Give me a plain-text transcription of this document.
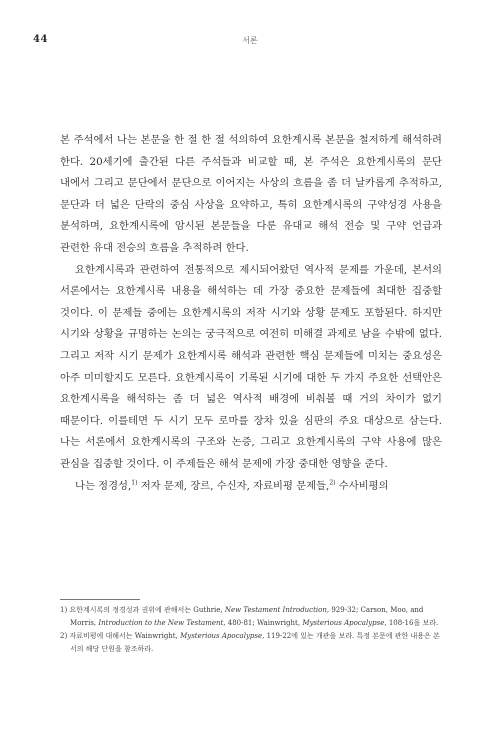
44	서론

본 주석에서 나는 본문을 한 절 한 절 석의하여 요한계시록 본문을 철저하게 해석하려 한다. 20세기에 출간된 다른 주석들과 비교할 때, 본 주석은 요한계시록의 문단 내에서 그리고 문단에서 문단으로 이어지는 사상의 흐름을 좀 더 날카롭게 추적하고, 문단과 더 넓은 단락의 중심 사상을 요약하고, 특히 요한계시록의 구약성경 사용을 분석하며, 요한계시록에 암시된 본문들을 다룬 유대교 해석 전승 및 구약 언급과 관련한 유대 전승의 흐름을 추적하려 한다.

요한계시록과 관련하여 전통적으로 제시되어왔던 역사적 문제를 가운데, 본서의 서론에서는 요한계시록 내용을 해석하는 데 가장 중요한 문제들에 최대한 집중할 것이다. 이 문제들 중에는 요한계시록의 저작 시기와 상황 문제도 포함된다. 하지만 시기와 상황을 규명하는 논의는 궁극적으로 여전히 미해결 과제로 남을 수밖에 없다. 그리고 저작 시기 문제가 요한계시록 해석과 관련한 핵심 문제들에 미치는 중요성은 아주 미미할지도 모른다. 요한계시록이 기록된 시기에 대한 두 가지 주요한 선택안은 요한계시록을 해석하는 좀 더 넓은 역사적 배경에 비춰볼 때 거의 차이가 없기 때문이다. 이를테면 두 시기 모두 로마를 장차 있을 심판의 주요 대상으로 삼는다. 나는 서론에서 요한계시록의 구조와 논증, 그리고 요한계시록의 구약 사용에 많은 관심을 집중할 것이다. 이 주제들은 해석 문제에 가장 중대한 영향을 준다.

나는 정경성,$^{1)}$ 저자 문제, 장르, 수신자, 자료비평 문제들,$^{2)}$ 수사비평의

1) 요한계시록의 정경성과 권위에 관해서는 Guthrie, New Testament Introduction, 929-32; Carson, Moo, and Morris, Introduction to the New Testament, 480-81; Wainwright, Mysterious Apocalypse, 108-16을 보라.
2) 자료비평에 대해서는 Wainwright, Mysterious Apocalypse, 119-22에 있는 개관을 보라. 특정 본문에 관한 내용은 본서의 해당 단원을 참조하라.
